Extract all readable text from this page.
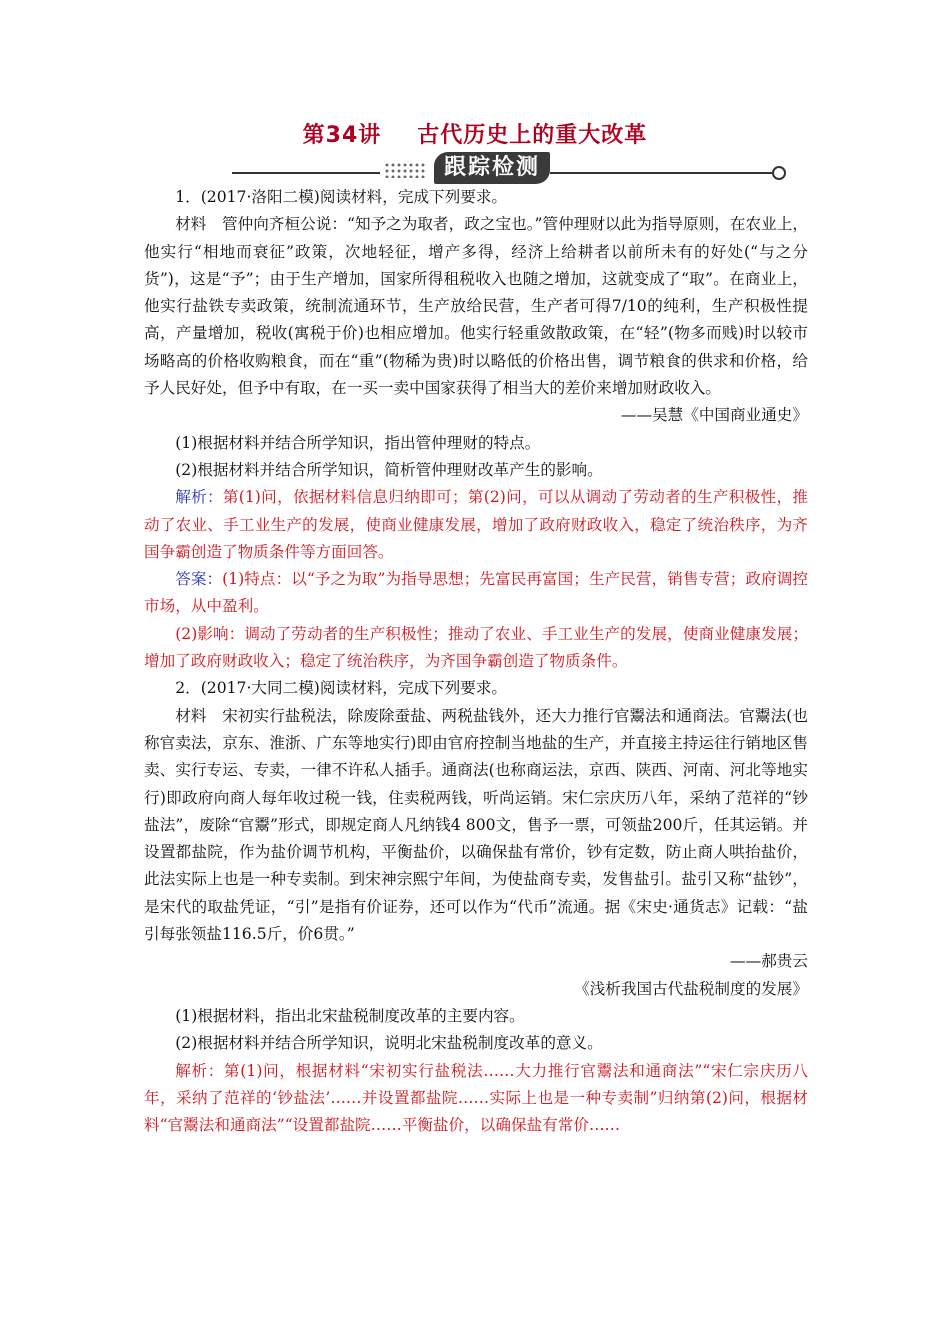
第34讲 古代历史上的重大改革
跟踪检测

1．(2017·洛阳二模)阅读材料，完成下列要求。

材料 管仲向齐桓公说：“知予之为取者，政之宝也。”管仲理财以此为指导原则，在农业上，他实行“相地而衰征”政策，次地轻征，增产多得，经济上给耕者以前所未有的好处(“与之分货”)，这是“予”；由于生产增加，国家所得租税收入也随之增加，这就变成了“取”。在商业上，他实行盐铁专卖政策，统制流通环节，生产放给民营，生产者可得7/10的纯利，生产积极性提高，产量增加，税收(寓税于价)也相应增加。他实行轻重敛散政策，在“轻”(物多而贱)时以较市场略高的价格收购粮食，而在“重”(物稀为贵)时以略低的价格出售，调节粮食的供求和价格，给予人民好处，但予中有取，在一买一卖中国家获得了相当大的差价来增加财政收入。

——吴慧《中国商业通史》

(1)根据材料并结合所学知识，指出管仲理财的特点。

(2)根据材料并结合所学知识，简析管仲理财改革产生的影响。

解析：第(1)问，依据材料信息归纳即可；第(2)问，可以从调动了劳动者的生产积极性，推动了农业、手工业生产的发展，使商业健康发展，增加了政府财政收入，稳定了统治秩序，为齐国争霸创造了物质条件等方面回答。

答案：(1)特点：以“予之为取”为指导思想；先富民再富国；生产民营，销售专营；政府调控市场，从中盈利。

(2)影响：调动了劳动者的生产积极性；推动了农业、手工业生产的发展，使商业健康发展；增加了政府财政收入；稳定了统治秩序，为齐国争霸创造了物质条件。

2．(2017·大同二模)阅读材料，完成下列要求。

材料 宋初实行盐税法，除废除蚕盐、两税盐钱外，还大力推行官鬻法和通商法。官鬻法(也称官卖法，京东、淮浙、广东等地实行)即由官府控制当地盐的生产，并直接主持运往行销地区售卖、实行专运、专卖，一律不许私人插手。通商法(也称商运法，京西、陕西、河南、河北等地实行)即政府向商人每年收过税一钱，住卖税两钱，听尚运销。宋仁宗庆历八年，采纳了范祥的“钞盐法”，废除“官鬻”形式，即规定商人凡纳钱4 800文，售予一票，可领盐200斤，任其运销。并设置都盐院，作为盐价调节机构，平衡盐价，以确保盐有常价，钞有定数，防止商人哄抬盐价，此法实际上也是一种专卖制。到宋神宗熙宁年间，为使盐商专卖，发售盐引。盐引又称“盐钞”，是宋代的取盐凭证，“引”是指有价证券，还可以作为“代币”流通。据《宋史·通货志》记载：“盐引每张领盐116.5斤，价6贯。”

——郝贵云

《浅析我国古代盐税制度的发展》

(1)根据材料，指出北宋盐税制度改革的主要内容。

(2)根据材料并结合所学知识，说明北宋盐税制度改革的意义。

解析：第(1)问，根据材料“宋初实行盐税法……大力推行官鬻法和通商法”“宋仁宗庆历八年，采纳了范祥的‘钞盐法’……并设置都盐院……实际上也是一种专卖制”归纳第(2)问，根据材料“官鬻法和通商法”“设置都盐院……平衡盐价，以确保盐有常价……
